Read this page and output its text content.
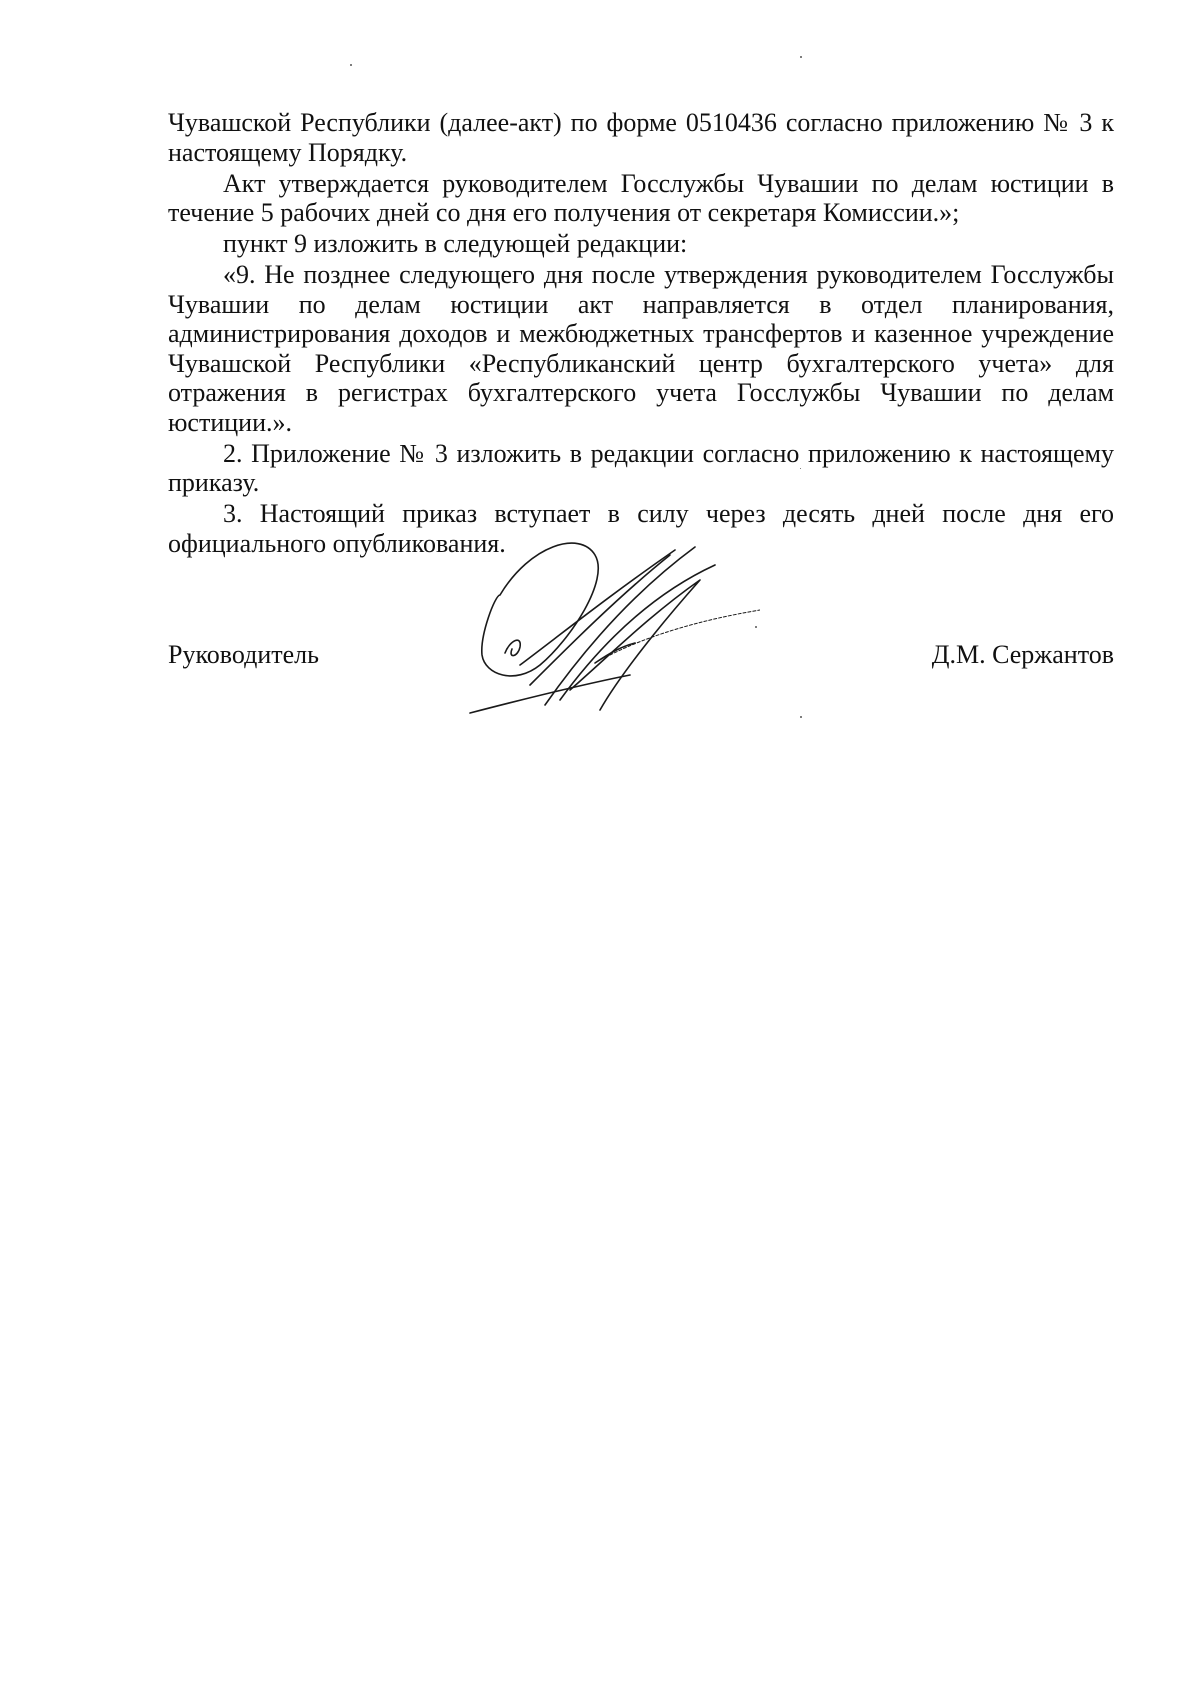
Чувашской Республики (далее-акт) по форме 0510436 согласно приложению № 3 к настоящему Порядку.

Акт утверждается руководителем Госслужбы Чувашии по делам юстиции в течение 5 рабочих дней со дня его получения от секретаря Комиссии.»;

пункт 9 изложить в следующей редакции:

«9. Не позднее следующего дня после утверждения руководителем Госслужбы Чувашии по делам юстиции акт направляется в отдел планирования, администрирования доходов и межбюджетных трансфертов и казенное учреждение Чувашской Республики «Республиканский центр бухгалтерского учета» для отражения в регистрах бухгалтерского учета Госслужбы Чувашии по делам юстиции.».

2. Приложение № 3 изложить в редакции согласно приложению к настоящему приказу.

3. Настоящий приказ вступает в силу через десять дней после дня его официального опубликования.

Руководитель	Д.М. Сержантов
